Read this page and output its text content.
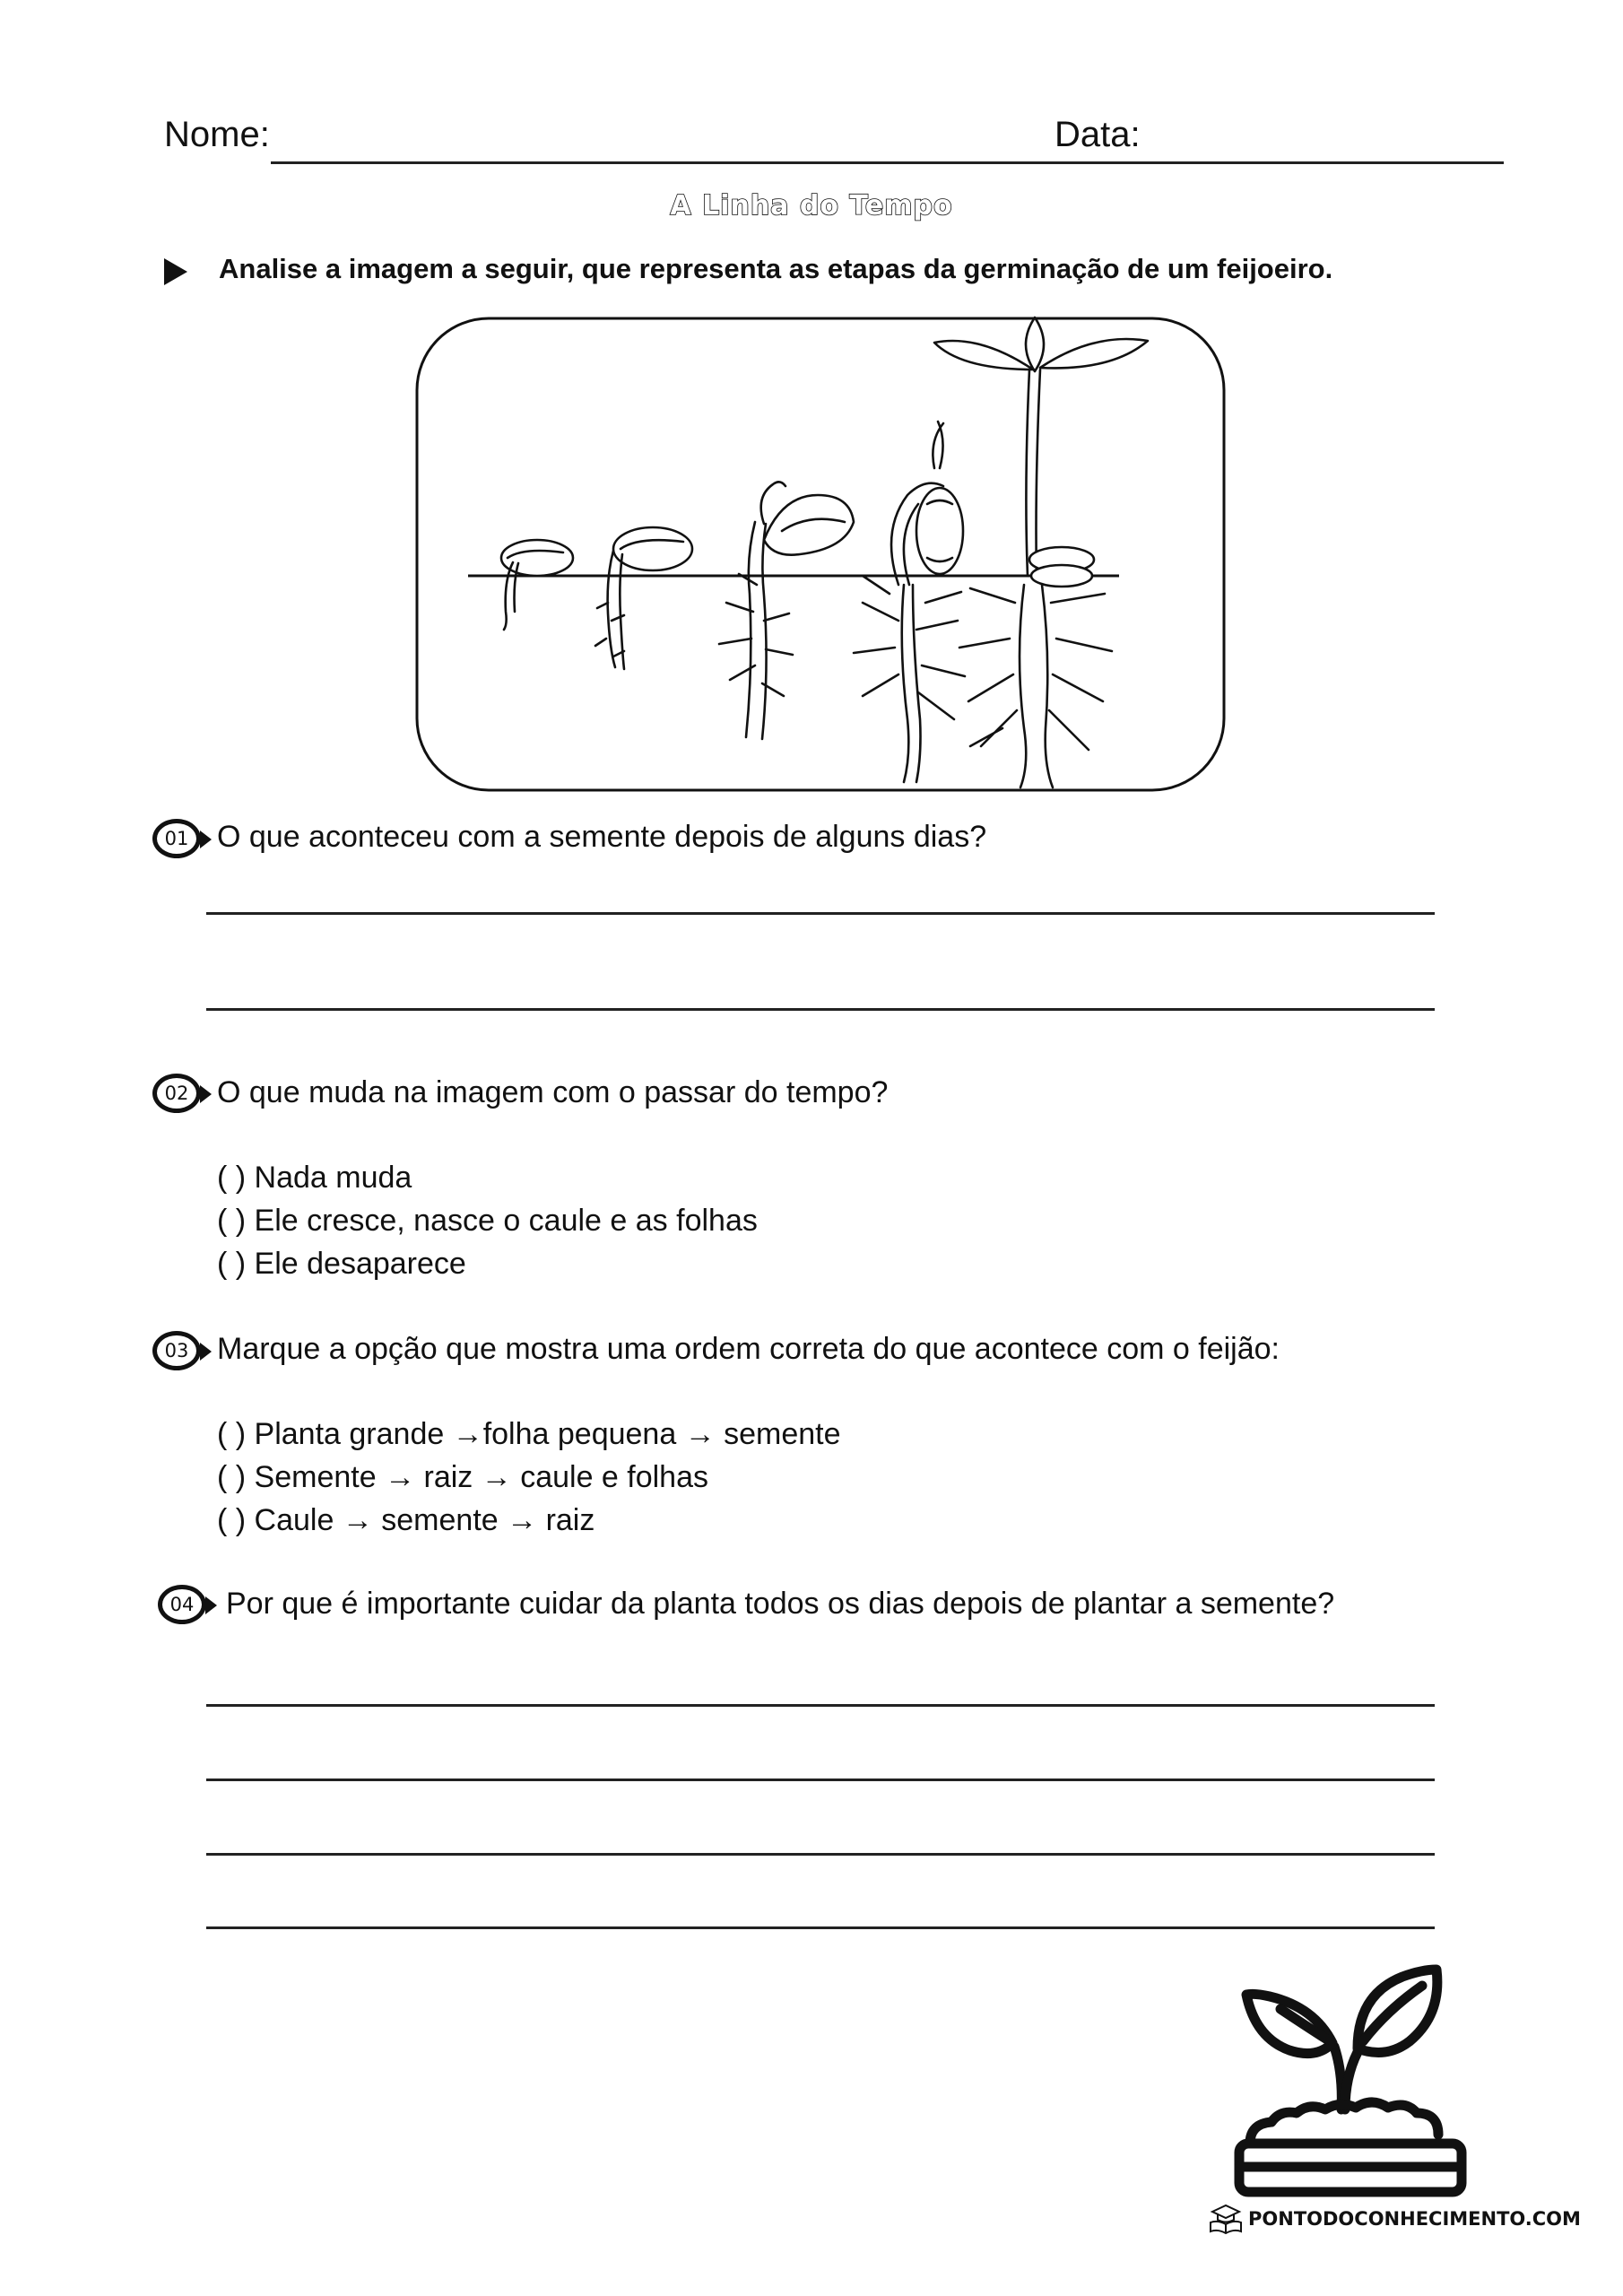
Nome:	Data:
A Linha do Tempo
Analise a imagem a seguir, que representa as etapas da germinação de um feijoeiro.
01 O que aconteceu com a semente depois de alguns dias?
02 O que muda na imagem com o passar do tempo?
( ) Nada muda
( ) Ele cresce, nasce o caule e as folhas
( ) Ele desaparece
03 Marque a opção que mostra uma ordem correta do que acontece com o feijão:
( ) Planta grande →folha pequena → semente
( ) Semente → raiz → caule e folhas
( ) Caule → semente → raiz
04 Por que é importante cuidar da planta todos os dias depois de plantar a semente?
PONTODOCONHECIMENTO.COM
